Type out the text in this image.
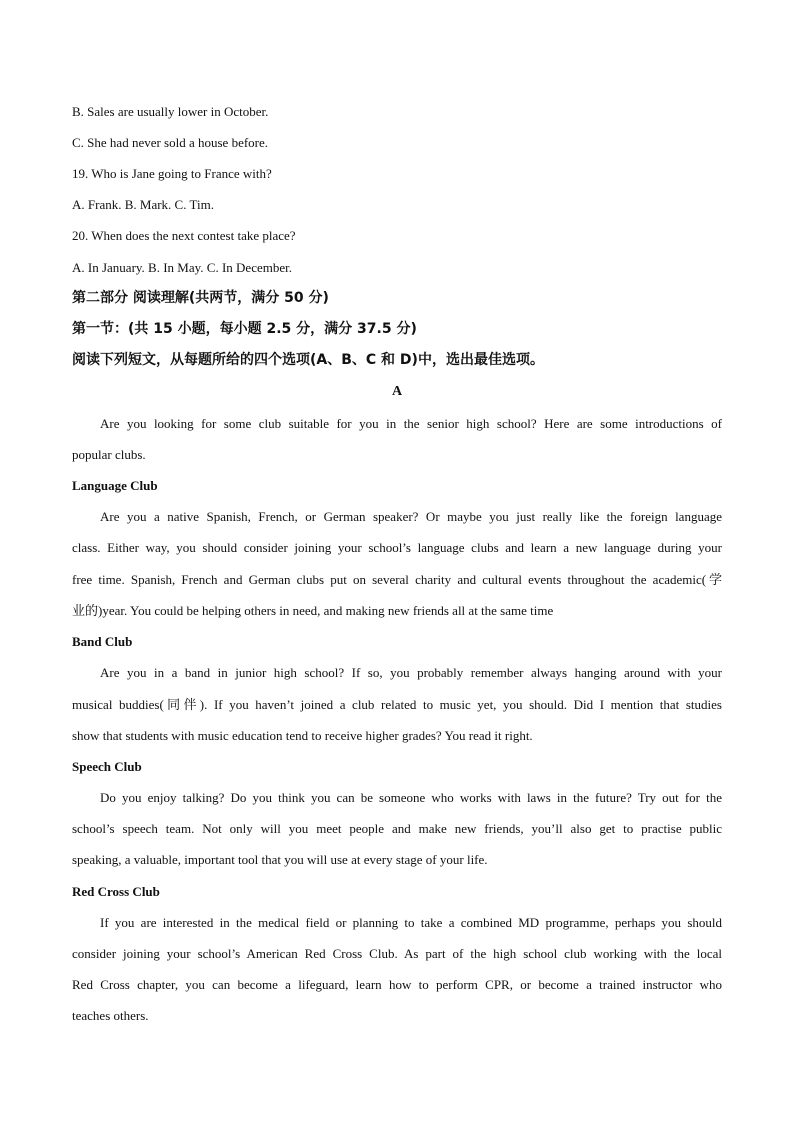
B. Sales are usually lower in October.
C. She had never sold a house before.
19. Who is Jane going to France with?
A. Frank. B. Mark. C. Tim.
20. When does the next contest take place?
A. In January. B. In May. C. In December.
第二部分 阅读理解(共两节，满分 50 分)
第一节：(共 15 小题，每小题 2.5 分，满分 37.5 分)
阅读下列短文，从每题所给的四个选项(A、B、C 和 D)中，选出最佳选项。
A
Are you looking for some club suitable for you in the senior high school? Here are some introductions of
popular clubs.
Language Club
Are you a native Spanish, French, or German speaker? Or maybe you just really like the foreign language
class. Either way, you should consider joining your school’s language clubs and learn a new language during your
free time. Spanish, French and German clubs put on several charity and cultural events throughout the academic(学
业的)year. You could be helping others in need, and making new friends all at the same time
Band Club
Are you in a band in junior high school? If so, you probably remember always hanging around with your
musical buddies(同伴). If you haven’t joined a club related to music yet, you should. Did I mention that studies
show that students with music education tend to receive higher grades? You read it right.
Speech Club
Do you enjoy talking? Do you think you can be someone who works with laws in the future? Try out for the
school’s speech team. Not only will you meet people and make new friends, you’ll also get to practise public
speaking, a valuable, important tool that you will use at every stage of your life.
Red Cross Club
If you are interested in the medical field or planning to take a combined MD programme, perhaps you should
consider joining your school’s American Red Cross Club. As part of the high school club working with the local
Red Cross chapter, you can become a lifeguard, learn how to perform CPR, or become a trained instructor who
teaches others.
